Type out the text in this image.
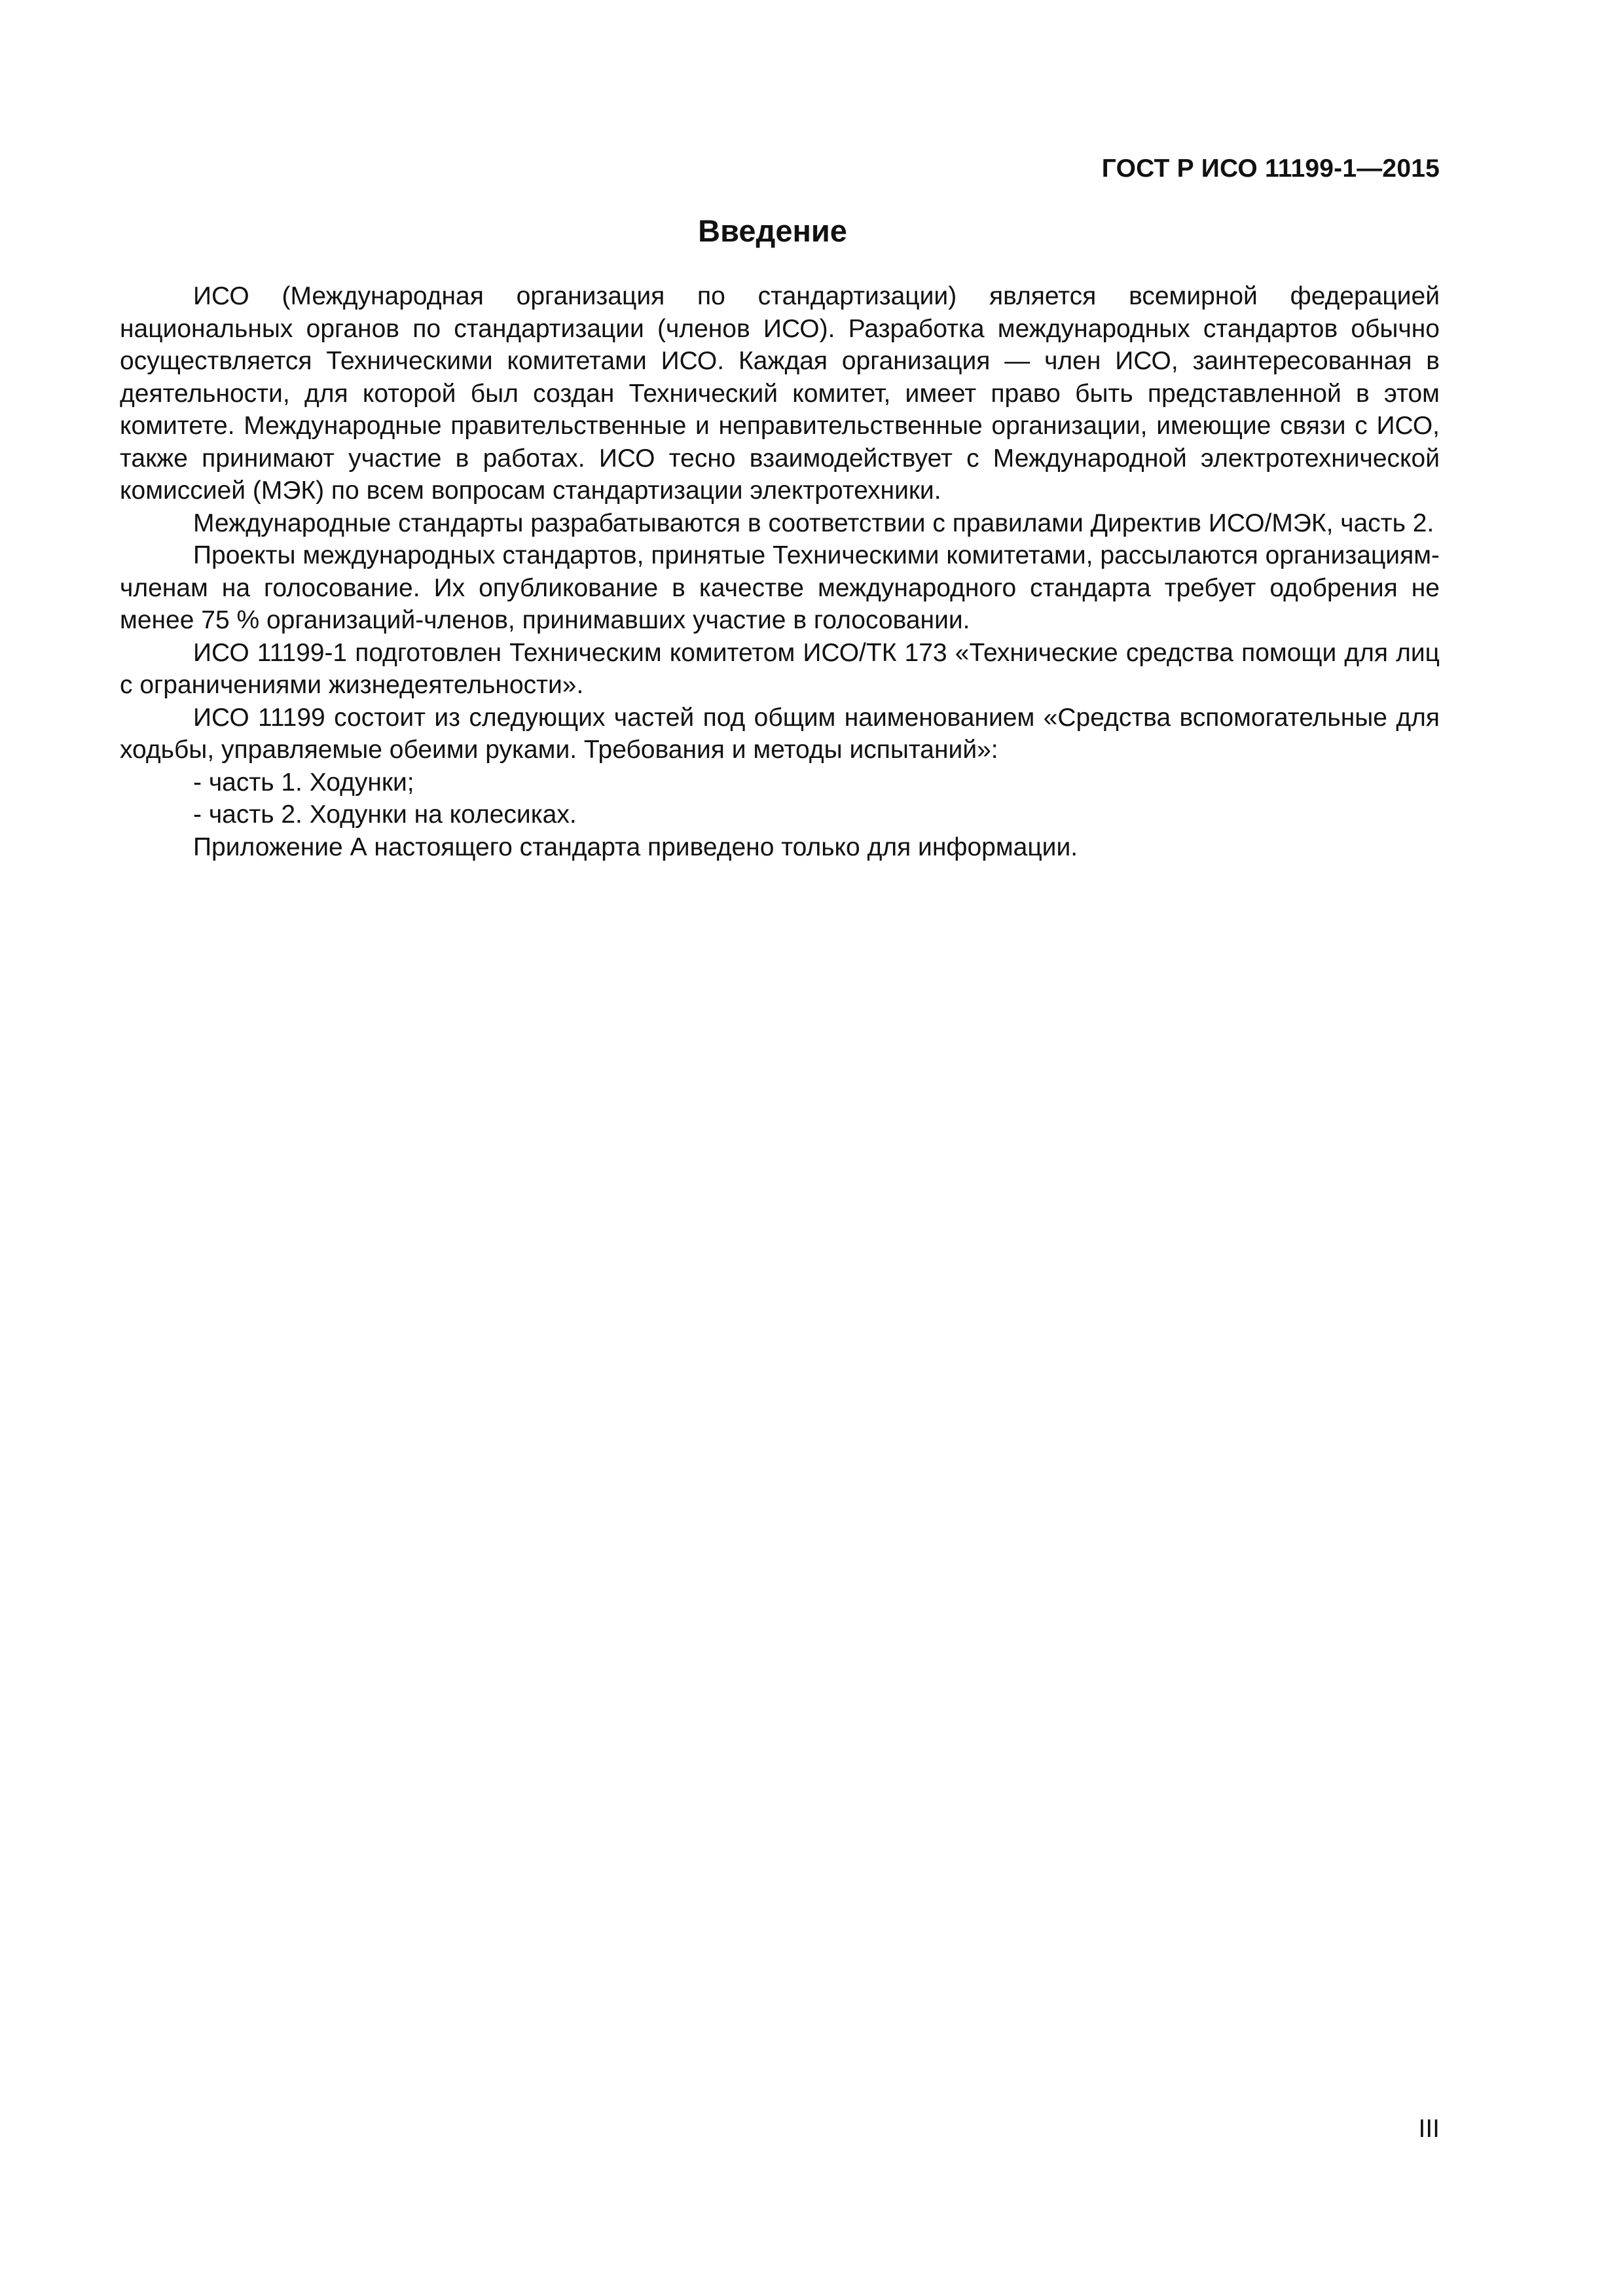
ГОСТ Р ИСО 11199-1—2015
Введение

ИСО (Международная организация по стандартизации) является всемирной федерацией национальных органов по стандартизации (членов ИСО). Разработка международных стандартов обычно осуществляется Техническими комитетами ИСО. Каждая организация — член ИСО, заинтересованная в деятельности, для которой был создан Технический комитет, имеет право быть представленной в этом комитете. Международные правительственные и неправительственные организации, имеющие связи с ИСО, также принимают участие в работах. ИСО тесно взаимодействует с Международной электротехнической комиссией (МЭК) по всем вопросам стандартизации электротехники.

Международные стандарты разрабатываются в соответствии с правилами Директив ИСО/МЭК, часть 2.

Проекты международных стандартов, принятые Техническими комитетами, рассылаются организациям-членам на голосование. Их опубликование в качестве международного стандарта требует одобрения не менее 75 % организаций-членов, принимавших участие в голосовании.

ИСО 11199-1 подготовлен Техническим комитетом ИСО/ТК 173 «Технические средства помощи для лиц с ограничениями жизнедеятельности».

ИСО 11199 состоит из следующих частей под общим наименованием «Средства вспомогательные для ходьбы, управляемые обеими руками. Требования и методы испытаний»:

- часть 1. Ходунки;

- часть 2. Ходунки на колесиках.

Приложение А настоящего стандарта приведено только для информации.

III
